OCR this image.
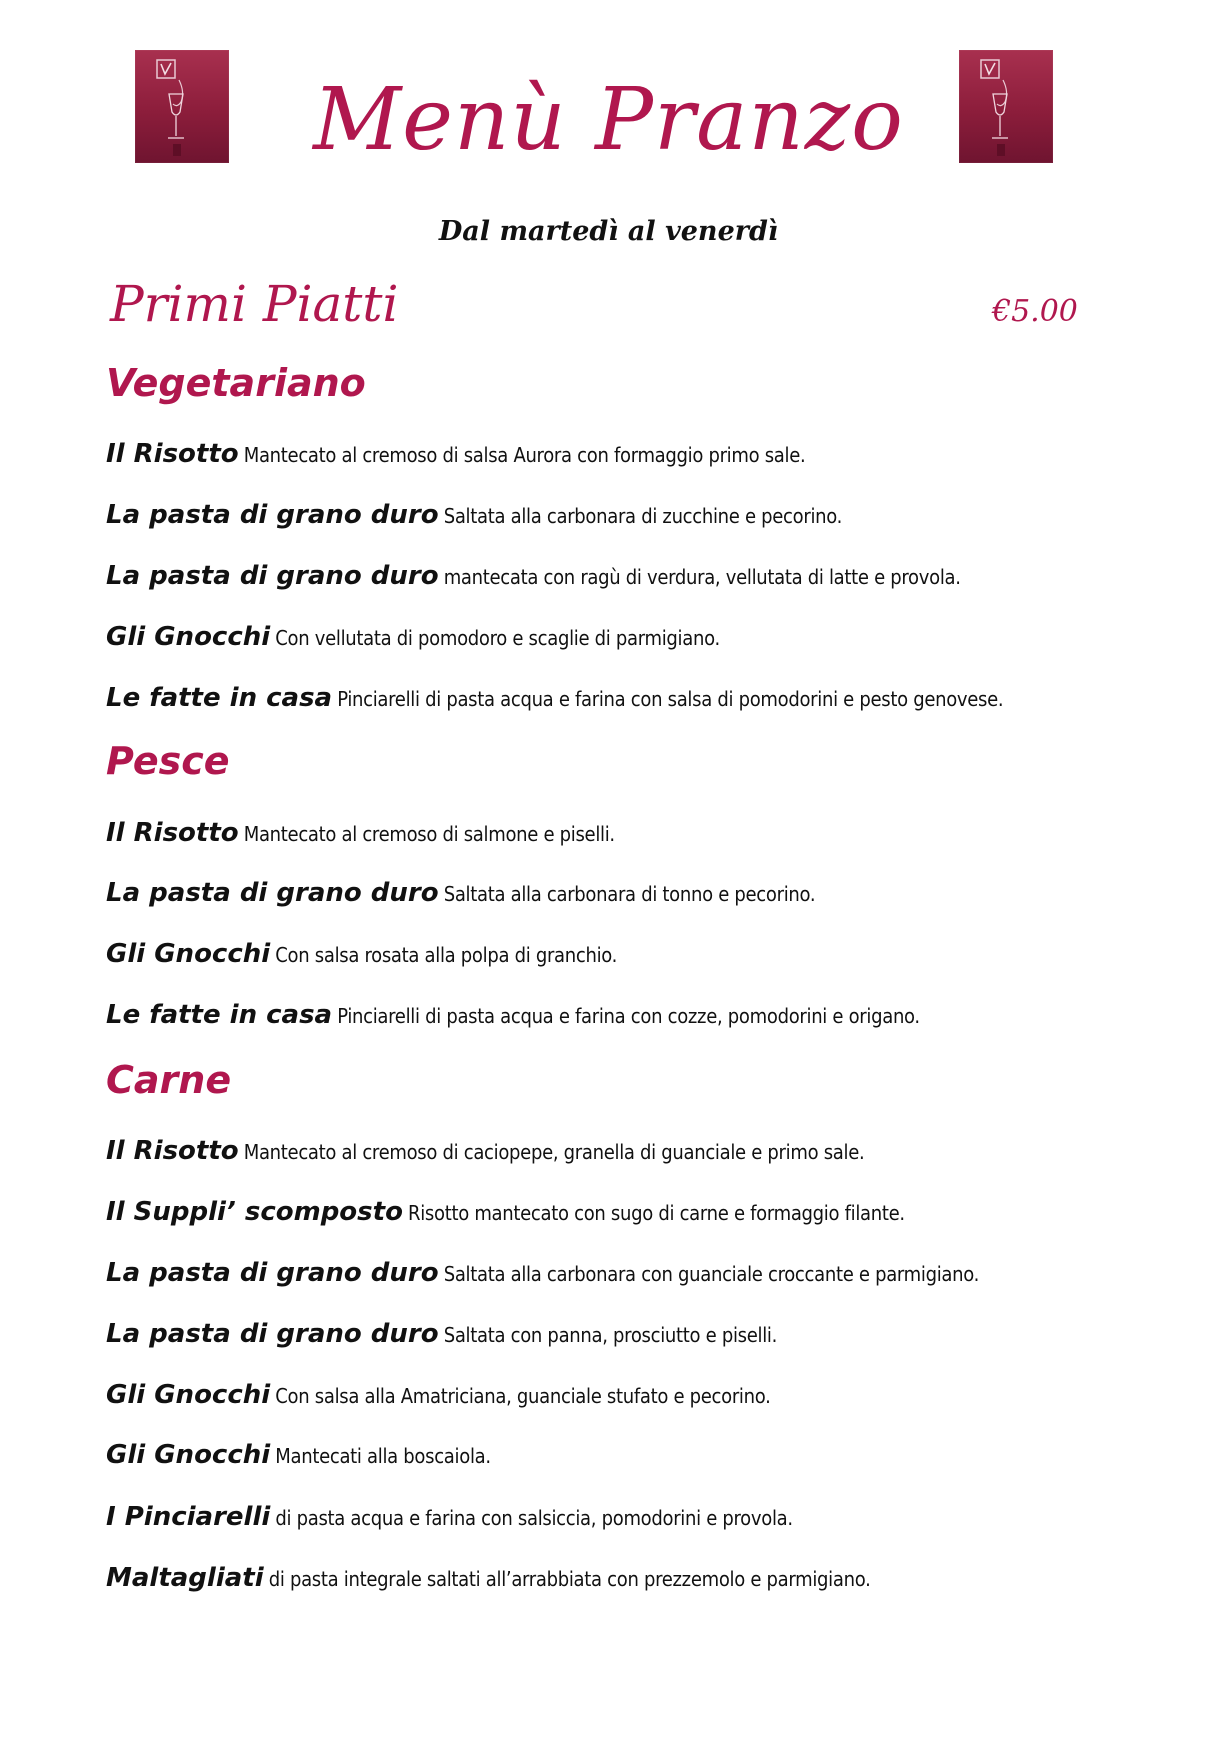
Menù Pranzo
Dal martedì al venerdì
Primi Piatti	€5.00
Vegetariano
Il Risotto Mantecato al cremoso di salsa Aurora con formaggio primo sale.
La pasta di grano duro Saltata alla carbonara di zucchine e pecorino.
La pasta di grano duro mantecata con ragù di verdura, vellutata di latte e provola.
Gli Gnocchi Con vellutata di pomodoro e scaglie di parmigiano.
Le fatte in casa Pinciarelli di pasta acqua e farina con salsa di pomodorini e pesto genovese.
Pesce
Il Risotto Mantecato al cremoso di salmone e piselli.
La pasta di grano duro Saltata alla carbonara di tonno e pecorino.
Gli Gnocchi Con salsa rosata alla polpa di granchio.
Le fatte in casa Pinciarelli di pasta acqua e farina con cozze, pomodorini e origano.
Carne
Il Risotto Mantecato al cremoso di caciopepe, granella di guanciale e primo sale.
Il Suppli’ scomposto Risotto mantecato con sugo di carne e formaggio filante.
La pasta di grano duro Saltata alla carbonara con guanciale croccante e parmigiano.
La pasta di grano duro Saltata con panna, prosciutto e piselli.
Gli Gnocchi Con salsa alla Amatriciana, guanciale stufato e pecorino.
Gli Gnocchi Mantecati alla boscaiola.
I Pinciarelli di pasta acqua e farina con salsiccia, pomodorini e provola.
Maltagliati di pasta integrale saltati all’arrabbiata con prezzemolo e parmigiano.
